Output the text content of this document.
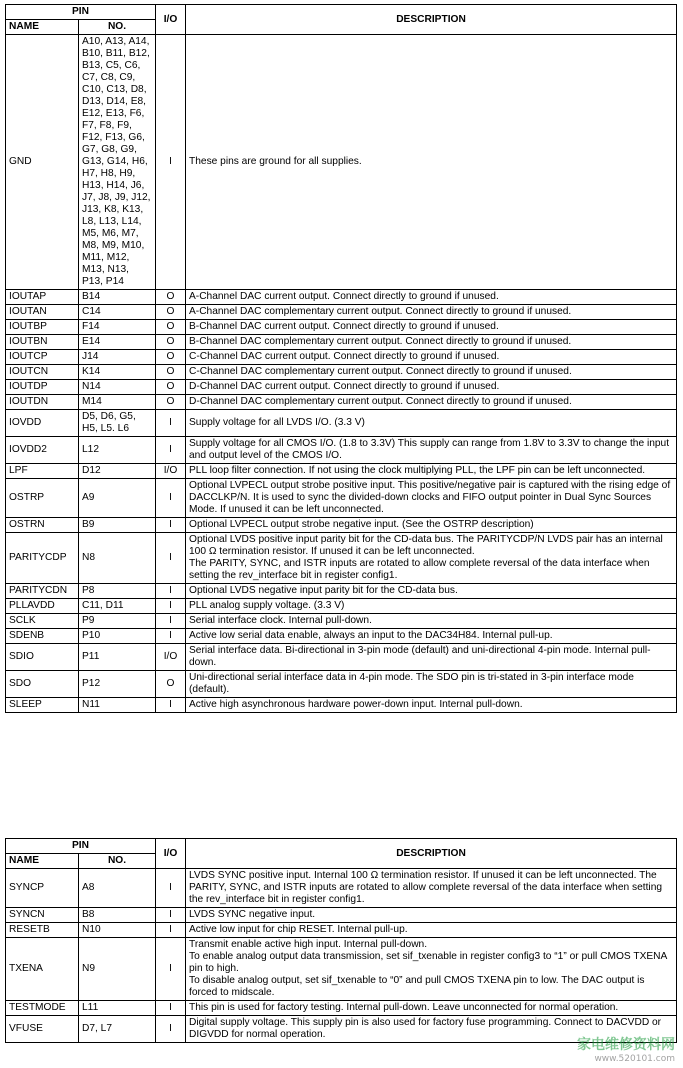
PIN		I/O	DESCRIPTION
NAME	NO.		
GND	A10, A13, A14, B10, B11, B12, B13, C5, C6, C7, C8, C9, C10, C13, D8, D13, D14, E8, E12, E13, F6, F7, F8, F9, F12, F13, G6, G7, G8, G9, G13, G14, H6, H7, H8, H9, H13, H14, J6, J7, J8, J9, J12, J13, K8, K13, L8, L13, L14, M5, M6, M7, M8, M9, M10, M11, M12, M13, N13, P13, P14	I	These pins are ground for all supplies.

IOUTAP	B14	O	A-Channel DAC current output. Connect directly to ground if unused.

IOUTAN	C14	O	A-Channel DAC complementary current output. Connect directly to ground if unused.

IOUTBP	F14	O	B-Channel DAC current output. Connect directly to ground if unused.

IOUTBN	E14	O	B-Channel DAC complementary current output. Connect directly to ground if unused.

IOUTCP	J14	O	C-Channel DAC current output. Connect directly to ground if unused.

IOUTCN	K14	O	C-Channel DAC complementary current output. Connect directly to ground if unused.

IOUTDP	N14	O	D-Channel DAC current output. Connect directly to ground if unused.

IOUTDN	M14	O	D-Channel DAC complementary current output. Connect directly to ground if unused.

IOVDD	D5, D6, G5, H5, L5. L6	I	Supply voltage for all LVDS I/O. (3.3 V)

IOVDD2	L12	I	Supply voltage for all CMOS I/O. (1.8 to 3.3V) This supply can range from 1.8V to 3.3V to change the input and output level of the CMOS I/O.

LPF	D12	I/O	PLL loop filter connection. If not using the clock multiplying PLL, the LPF pin can be left unconnected.

OSTRP	A9	I	Optional LVPECL output strobe positive input. This positive/negative pair is captured with the rising edge of DACCLKP/N. It is used to sync the divided-down clocks and FIFO output pointer in Dual Sync Sources Mode. If unused it can be left unconnected.

OSTRN	B9	I	Optional LVPECL output strobe negative input. (See the OSTRP description)

PARITYCDP	N8	I	Optional LVDS positive input parity bit for the CD-data bus. The PARITYCDP/N LVDS pair has an internal 100 Ω termination resistor. If unused it can be left unconnected.
The PARITY, SYNC, and ISTR inputs are rotated to allow complete reversal of the data interface when setting the rev_interface bit in register config1.

PARITYCDN	P8	I	Optional LVDS negative input parity bit for the CD-data bus.

PLLAVDD	C11, D11	I	PLL analog supply voltage. (3.3 V)

SCLK	P9	I	Serial interface clock. Internal pull-down.

SDENB	P10	I	Active low serial data enable, always an input to the DAC34H84. Internal pull-up.

SDIO	P11	I/O	Serial interface data. Bi-directional in 3-pin mode (default) and uni-directional 4-pin mode. Internal pull-down.

SDO	P12	O	Uni-directional serial interface data in 4-pin mode. The SDO pin is tri-stated in 3-pin interface mode (default).

SLEEP	N11	I	Active high asynchronous hardware power-down input. Internal pull-down.
PIN		I/O	DESCRIPTION
NAME	NO.		
SYNCP	A8	I	LVDS SYNC positive input. Internal 100 Ω termination resistor. If unused it can be left unconnected. The PARITY, SYNC, and ISTR inputs are rotated to allow complete reversal of the data interface when setting the rev_interface bit in register config1.

SYNCN	B8	I	LVDS SYNC negative input.

RESETB	N10	I	Active low input for chip RESET. Internal pull-up.

TXENA	N9	I	Transmit enable active high input. Internal pull-down.
To enable analog output data transmission, set sif_txenable in register config3 to “1” or pull CMOS TXENA pin to high.
To disable analog output, set sif_txenable to “0” and pull CMOS TXENA pin to low. The DAC output is forced to midscale.

TESTMODE	L11	I	This pin is used for factory testing. Internal pull-down. Leave unconnected for normal operation.

VFUSE	D7, L7	I	Digital supply voltage. This supply pin is also used for factory fuse programming. Connect to DACVDD or DIGVDD for normal operation.
家电维修资料网
www.520101.com
